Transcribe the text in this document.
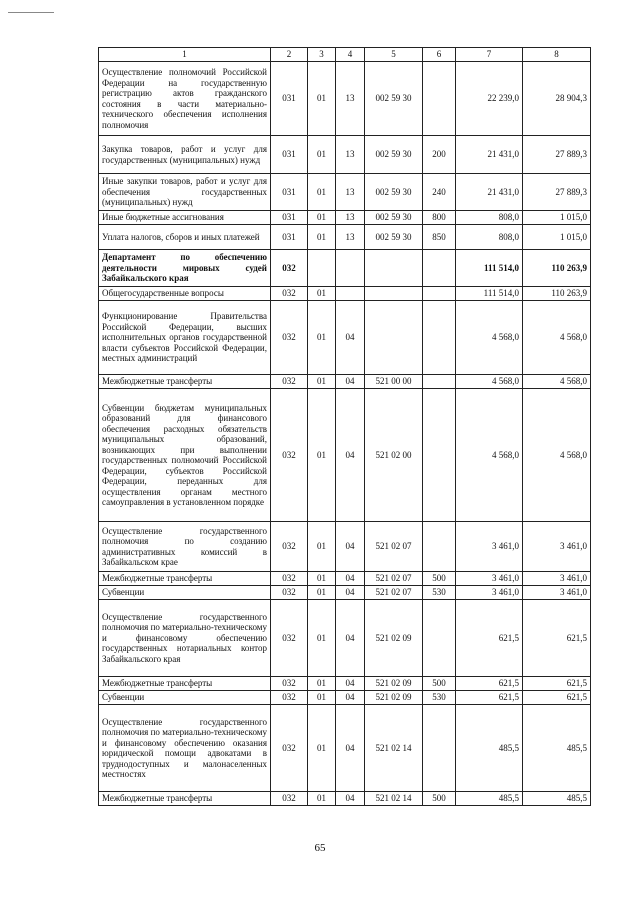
1	2	3	4	5	6	7	8
Осуществление полномочий Российской Федерации на государственную регистрацию актов гражданского состояния в части материально-технического обеспечения исполнения полномочия	031	01	13	002 59 30		22 239,0	28 904,3
Закупка товаров, работ и услуг для государственных (муниципальных) нужд	031	01	13	002 59 30	200	21 431,0	27 889,3
Иные закупки товаров, работ и услуг для обеспечения государственных (муниципальных) нужд	031	01	13	002 59 30	240	21 431,0	27 889,3
Иные бюджетные ассигнования	031	01	13	002 59 30	800	808,0	1 015,0
Уплата налогов, сборов и иных платежей	031	01	13	002 59 30	850	808,0	1 015,0
Департамент по обеспечению деятельности мировых судей Забайкальского края	032					111 514,0	110 263,9
Общегосударственные вопросы	032	01				111 514,0	110 263,9
Функционирование Правительства Российской Федерации, высших исполнительных органов государственной власти субъектов Российской Федерации, местных администраций	032	01	04			4 568,0	4 568,0
Межбюджетные трансферты	032	01	04	521 00 00		4 568,0	4 568,0
Субвенции бюджетам муниципальных образований для финансового обеспечения расходных обязательств муниципальных образований, возникающих при выполнении государственных полномочий Российской Федерации, субъектов Российской Федерации, переданных для осуществления органам местного самоуправления в установленном порядке	032	01	04	521 02 00		4 568,0	4 568,0
Осуществление государственного полномочия по созданию административных комиссий в Забайкальском крае	032	01	04	521 02 07		3 461,0	3 461,0
Межбюджетные трансферты	032	01	04	521 02 07	500	3 461,0	3 461,0
Субвенции	032	01	04	521 02 07	530	3 461,0	3 461,0
Осуществление государственного полномочия по материально-техническому и финансовому обеспечению государственных нотариальных контор Забайкальского края	032	01	04	521 02 09		621,5	621,5
Межбюджетные трансферты	032	01	04	521 02 09	500	621,5	621,5
Субвенции	032	01	04	521 02 09	530	621,5	621,5
Осуществление государственного полномочия по материально-техническому и финансовому обеспечению оказания юридической помощи адвокатами в труднодоступных и малонаселенных местностях	032	01	04	521 02 14		485,5	485,5
Межбюджетные трансферты	032	01	04	521 02 14	500	485,5	485,5
65
